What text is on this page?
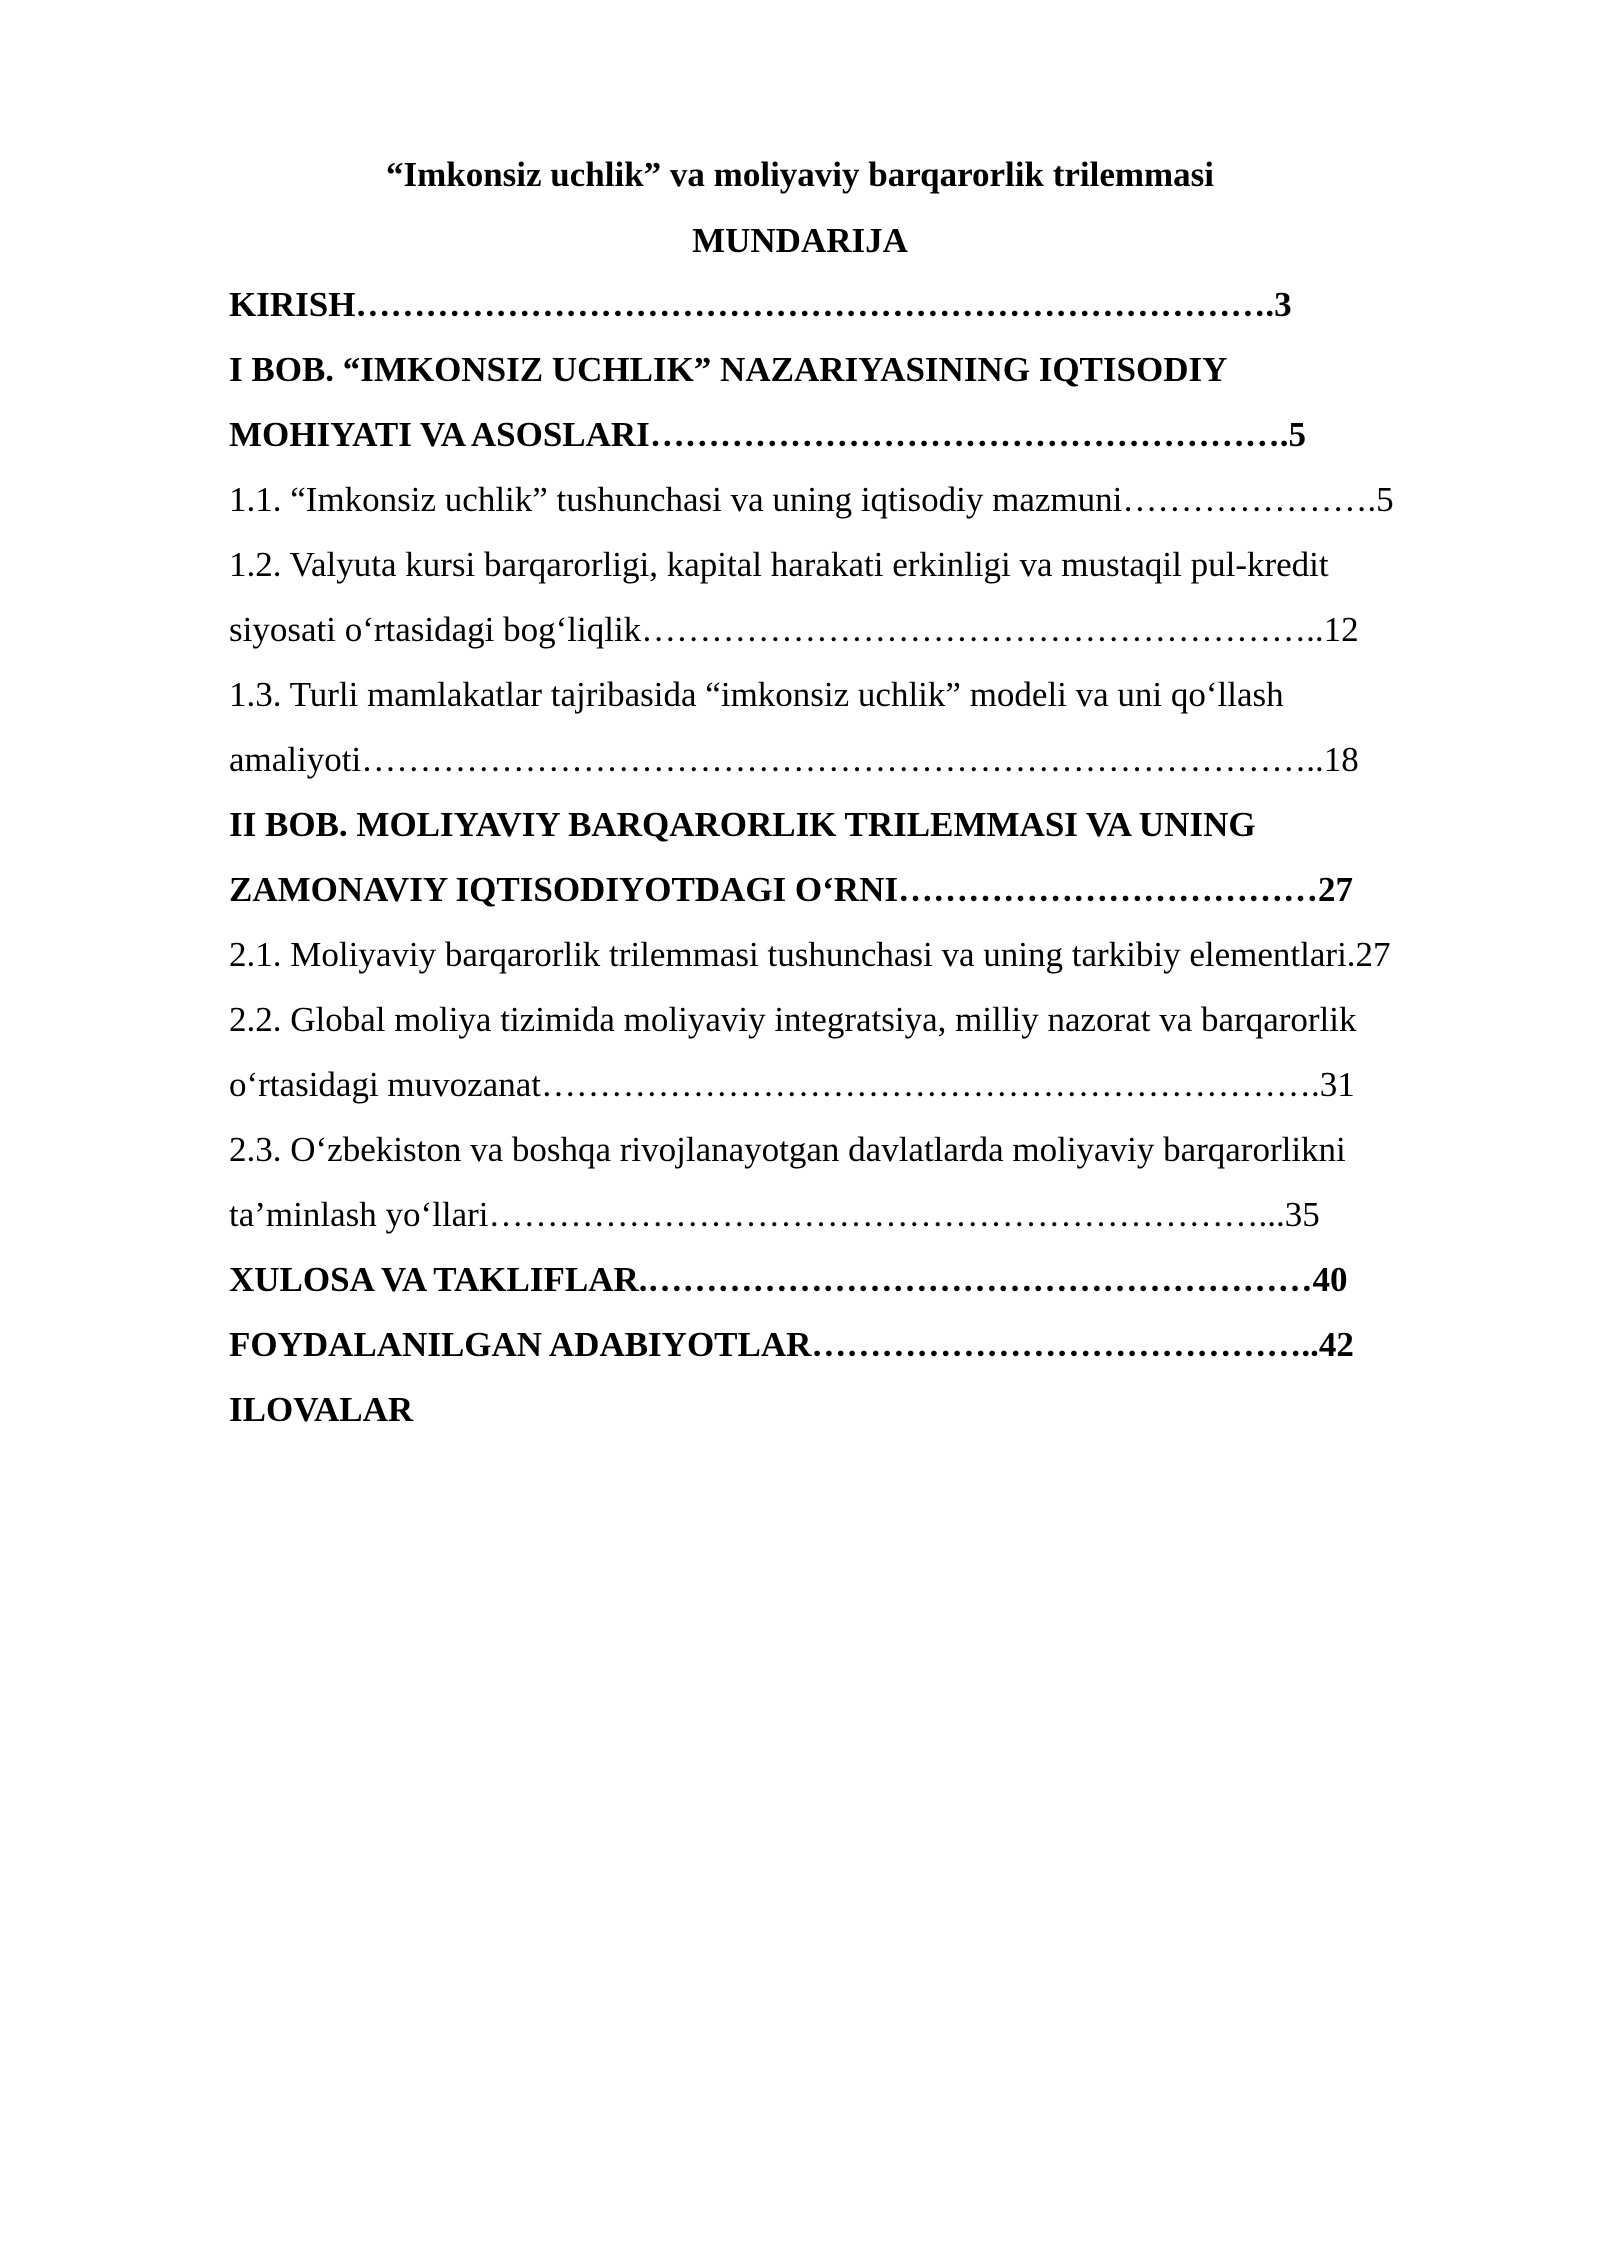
“Imkonsiz uchlik” va moliyaviy barqarorlik trilemmasi
MUNDARIJA
KIRISH…………………………………………………………………….3
I BOB. “IMKONSIZ UCHLIK” NAZARIYASINING IQTISODIY
MOHIYATI VA ASOSLARI……………………………………………….5
1.1. “Imkonsiz uchlik” tushunchasi va uning iqtisodiy mazmuni………………….5
1.2. Valyuta kursi barqarorligi, kapital harakati erkinligi va mustaqil pul-kredit
siyosati o‘rtasidagi bog‘liqlik…………………………………………………..12
1.3. Turli mamlakatlar tajribasida “imkonsiz uchlik” modeli va uni qo‘llash
amaliyoti………………………………………………………………………..18
II BOB. MOLIYAVIY BARQARORLIK TRILEMMASI VA UNING
ZAMONAVIY IQTISODIYOTDAGI O‘RNI………………………………27
2.1. Moliyaviy barqarorlik trilemmasi tushunchasi va uning tarkibiy elementlari.27
2.2. Global moliya tizimida moliyaviy integratsiya, milliy nazorat va barqarorlik
o‘rtasidagi muvozanat………………………………………………………….31
2.3. O‘zbekiston va boshqa rivojlanayotgan davlatlarda moliyaviy barqarorlikni
ta’minlash yo‘llari…………………………………………………………...35
XULOSA VA TAKLIFLAR.…………………………………………………40
FOYDALANILGAN ADABIYOTLAR……………………………………..42
ILOVALAR
